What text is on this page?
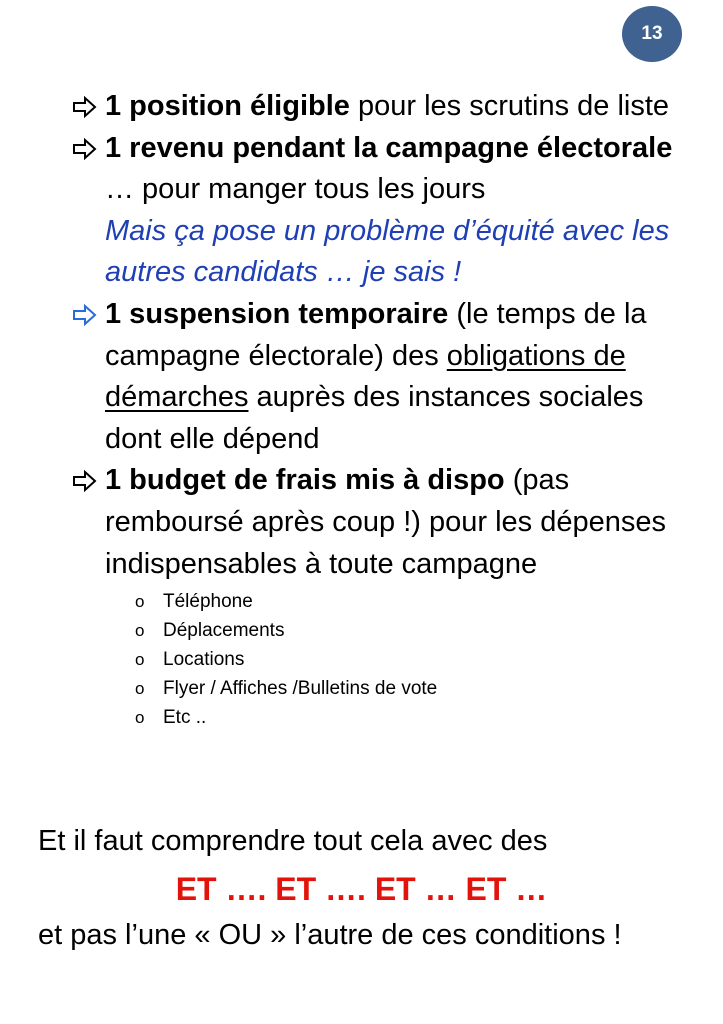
13
1 position éligible pour les scrutins de liste
1 revenu pendant la campagne électorale … pour manger tous les jours
Mais ça pose un problème d’équité avec les autres candidats … je sais !
1 suspension temporaire (le temps de la campagne électorale) des obligations de démarches auprès des instances sociales dont elle dépend
1 budget de frais mis à dispo (pas remboursé après coup !) pour les dépenses indispensables à toute campagne
o Téléphone
o Déplacements
o Locations
o Flyer / Affiches /Bulletins de vote
o Etc ..
Et il faut comprendre tout cela avec des
ET …. ET …. ET … ET …
et pas l’une « OU » l’autre de ces conditions !
